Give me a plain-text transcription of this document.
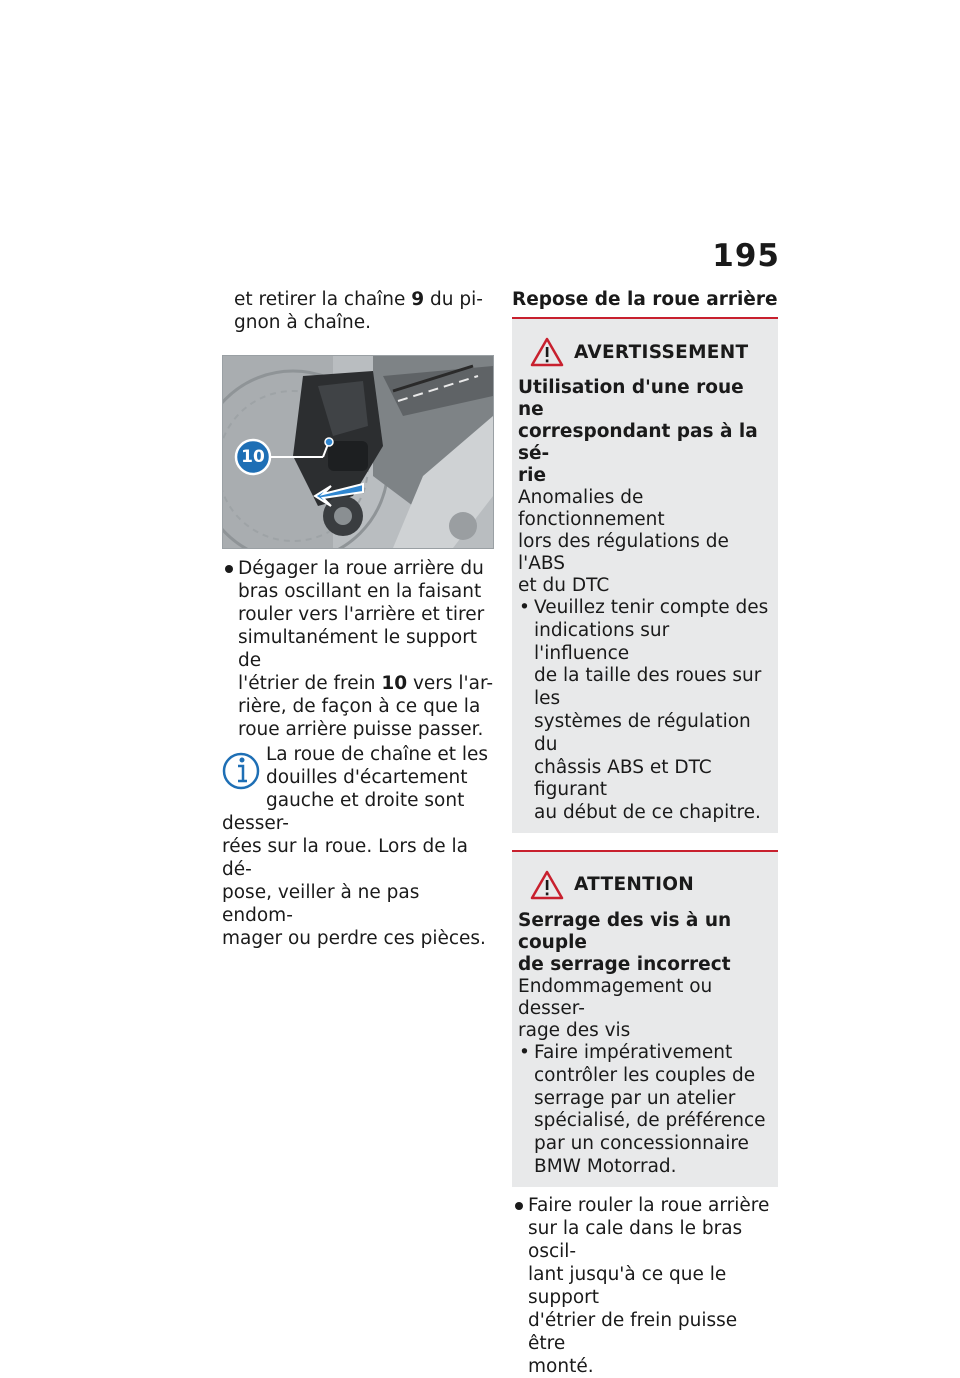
195
et retirer la chaîne 9 du pi-
gnon à chaîne.
10
Dégager la roue arrière du
bras oscillant en la faisant
rouler vers l'arrière et tirer
simultanément le support de
l'étrier de frein 10 vers l'ar-
rière, de façon à ce que la
roue arrière puisse passer.
La roue de chaîne et les
douilles d'écartement
gauche et droite sont desser-
rées sur la roue. Lors de la dé-
pose, veiller à ne pas endom-
mager ou perdre ces pièces.
Repose de la roue arrière
AVERTISSEMENT
Utilisation d'une roue ne
correspondant pas à la sé-
rie
Anomalies de fonctionnement
lors des régulations de l'ABS
et du DTC
• Veuillez tenir compte des
indications sur l'influence
de la taille des roues sur les
systèmes de régulation du
châssis ABS et DTC figurant
au début de ce chapitre.
ATTENTION
Serrage des vis à un couple
de serrage incorrect
Endommagement ou desser-
rage des vis
• Faire impérativement
contrôler les couples de
serrage par un atelier
spécialisé, de préférence
par un concessionnaire
BMW Motorrad.
Faire rouler la roue arrière
sur la cale dans le bras oscil-
lant jusqu'à ce que le support
d'étrier de frein puisse être
monté.
